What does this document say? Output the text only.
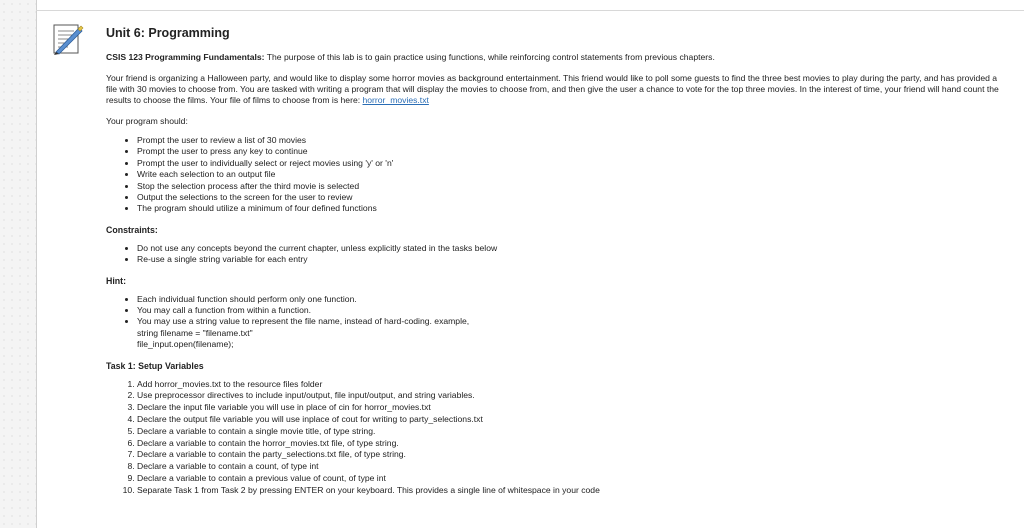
Unit 6: Programming

CSIS 123 Programming Fundamentals: The purpose of this lab is to gain practice using functions, while reinforcing control statements from previous chapters.

Your friend is organizing a Halloween party, and would like to display some horror movies as background entertainment. This friend would like to poll some guests to find the three best movies to play during the party, and has provided a file with 30 movies to choose from. You are tasked with writing a program that will display the movies to choose from, and then give the user a chance to vote for the top three movies. In the interest of time, your friend will hand count the results to choose the films. Your file of films to choose from is here: horror_movies.txt

Your program should:

• Prompt the user to review a list of 30 movies
• Prompt the user to press any key to continue
• Prompt the user to individually select or reject movies using 'y' or 'n'
• Write each selection to an output file
• Stop the selection process after the third movie is selected
• Output the selections to the screen for the user to review
• The program should utilize a minimum of four defined functions
Constraints:
• Do not use any concepts beyond the current chapter, unless explicitly stated in the tasks below
• Re-use a single string variable for each entry
Hint:
• Each individual function should perform only one function.
• You may call a function from within a function.
• You may use a string value to represent the file name, instead of hard-coding. example,
string filename = "filename.txt"
file_input.open(filename);
Task 1: Setup Variables
1. Add horror_movies.txt to the resource files folder
2. Use preprocessor directives to include input/output, file input/output, and string variables.
3. Declare the input file variable you will use in place of cin for horror_movies.txt
4. Declare the output file variable you will use inplace of cout for writing to party_selections.txt
5. Declare a variable to contain a single movie title, of type string.
6. Declare a variable to contain the horror_movies.txt file, of type string.
7. Declare a variable to contain the party_selections.txt file, of type string.
8. Declare a variable to contain a count, of type int
9. Declare a variable to contain a previous value of count, of type int
10. Separate Task 1 from Task 2 by pressing ENTER on your keyboard. This provides a single line of whitespace in your code
